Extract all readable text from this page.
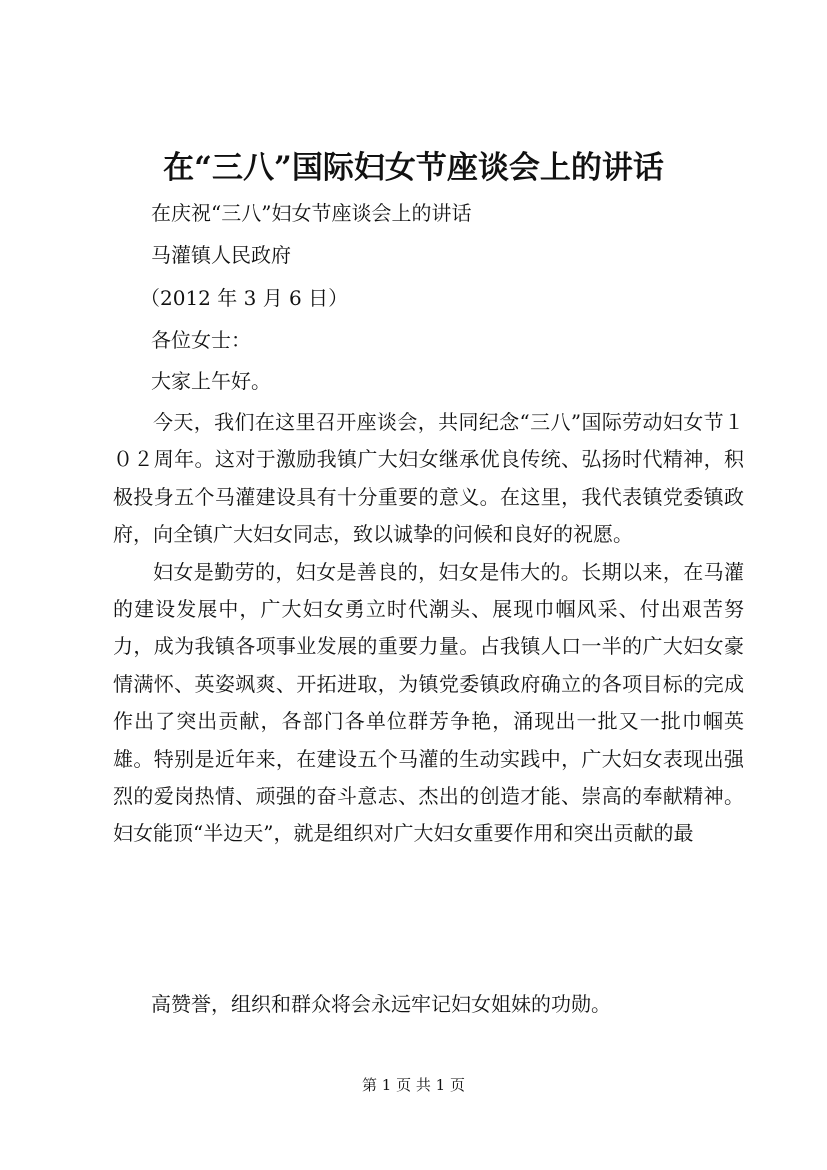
在“三八”国际妇女节座谈会上的讲话
在庆祝“三八”妇女节座谈会上的讲话
马灌镇人民政府
（2012 年 3 月 6 日）
各位女士：
大家上午好。

今天，我们在这里召开座谈会，共同纪念“三八”国际劳动妇女节１０２周年。这对于激励我镇广大妇女继承优良传统、弘扬时代精神，积极投身五个马灌建设具有十分重要的意义。在这里，我代表镇党委镇政府，向全镇广大妇女同志，致以诚挚的问候和良好的祝愿。

妇女是勤劳的，妇女是善良的，妇女是伟大的。长期以来，在马灌的建设发展中，广大妇女勇立时代潮头、展现巾帼风采、付出艰苦努力，成为我镇各项事业发展的重要力量。占我镇人口一半的广大妇女豪情满怀、英姿飒爽、开拓进取，为镇党委镇政府确立的各项目标的完成作出了突出贡献，各部门各单位群芳争艳，涌现出一批又一批巾帼英雄。特别是近年来，在建设五个马灌的生动实践中，广大妇女表现出强烈的爱岗热情、顽强的奋斗意志、杰出的创造才能、崇高的奉献精神。妇女能顶“半边天”，就是组织对广大妇女重要作用和突出贡献的最

高赞誉，组织和群众将会永远牢记妇女姐妹的功勋。
第 1 页 共 1 页
